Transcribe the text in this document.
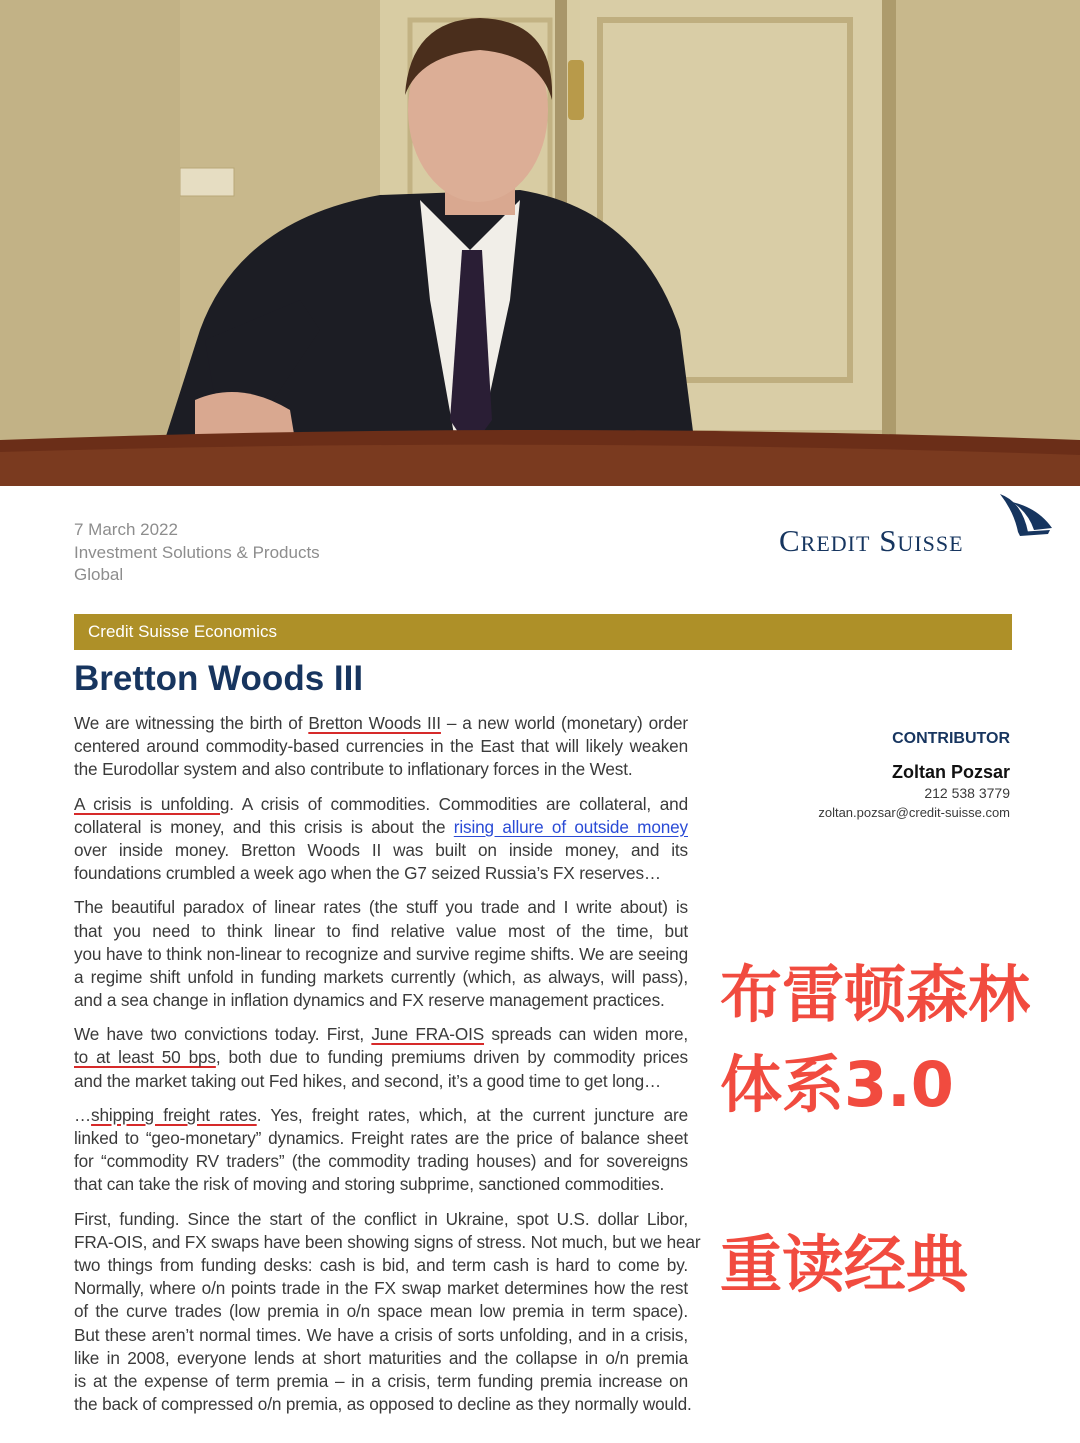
7 March 2022
Investment Solutions & Products
Global
Credit Suisse
Credit Suisse Economics
Bretton Woods III

We are witnessing the birth of Bretton Woods III – a new world (monetary) order
centered around commodity-based currencies in the East that will likely weaken
the Eurodollar system and also contribute to inflationary forces in the West.

A crisis is unfolding. A crisis of commodities. Commodities are collateral, and
collateral is money, and this crisis is about the rising allure of outside money
over inside money. Bretton Woods II was built on inside money, and its
foundations crumbled a week ago when the G7 seized Russia’s FX reserves…

The beautiful paradox of linear rates (the stuff you trade and I write about) is
that you need to think linear to find relative value most of the time, but
you have to think non-linear to recognize and survive regime shifts. We are seeing
a regime shift unfold in funding markets currently (which, as always, will pass),
and a sea change in inflation dynamics and FX reserve management practices.

We have two convictions today. First, June FRA-OIS spreads can widen more,
to at least 50 bps, both due to funding premiums driven by commodity prices
and the market taking out Fed hikes, and second, it’s a good time to get long…

…shipping freight rates. Yes, freight rates, which, at the current juncture are
linked to “geo-monetary” dynamics. Freight rates are the price of balance sheet
for “commodity RV traders” (the commodity trading houses) and for sovereigns
that can take the risk of moving and storing subprime, sanctioned commodities.

First, funding. Since the start of the conflict in Ukraine, spot U.S. dollar Libor,
FRA-OIS, and FX swaps have been showing signs of stress. Not much, but we hear
two things from funding desks: cash is bid, and term cash is hard to come by.
Normally, where o/n points trade in the FX swap market determines how the rest
of the curve trades (low premia in o/n space mean low premia in term space).
But these aren’t normal times. We have a crisis of sorts unfolding, and in a crisis,
like in 2008, everyone lends at short maturities and the collapse in o/n premia
is at the expense of term premia – in a crisis, term funding premia increase on
the back of compressed o/n premia, as opposed to decline as they normally would.

CONTRIBUTOR
Zoltan Pozsar
212 538 3779
zoltan.pozsar@credit-suisse.com
布雷顿森林
体系3.0
重读经典
